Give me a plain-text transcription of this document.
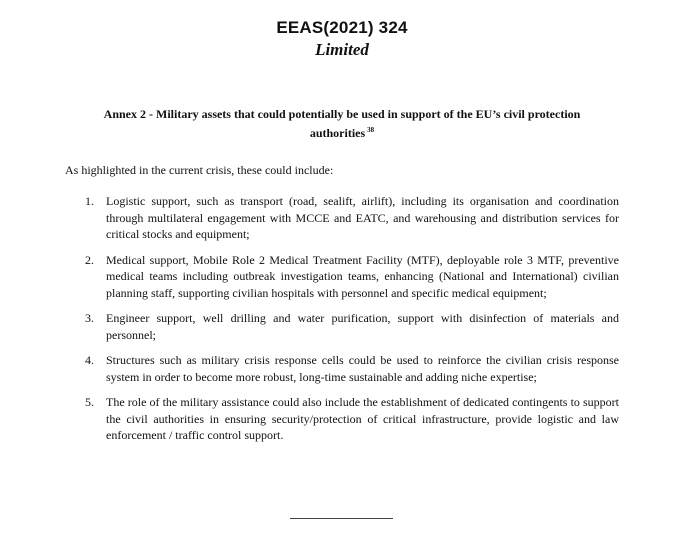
EEAS(2021) 324
Limited
Annex 2 - Military assets that could potentially be used in support of the EU’s civil protection authorities $^{38}$
As highlighted in the current crisis, these could include:
1. Logistic support, such as transport (road, sealift, airlift), including its organisation and coordination through multilateral engagement with MCCE and EATC, and warehousing and distribution services for critical stocks and equipment;
2. Medical support, Mobile Role 2 Medical Treatment Facility (MTF), deployable role 3 MTF, preventive medical teams including outbreak investigation teams, enhancing (National and International) civilian planning staff, supporting civilian hospitals with personnel and specific medical equipment;
3. Engineer support, well drilling and water purification, support with disinfection of materials and personnel;
4. Structures such as military crisis response cells could be used to reinforce the civilian crisis response system in order to become more robust, long-time sustainable and adding niche expertise;
5. The role of the military assistance could also include the establishment of dedicated contingents to support the civil authorities in ensuring security/protection of critical infrastructure, provide logistic and law enforcement / traffic control support.
